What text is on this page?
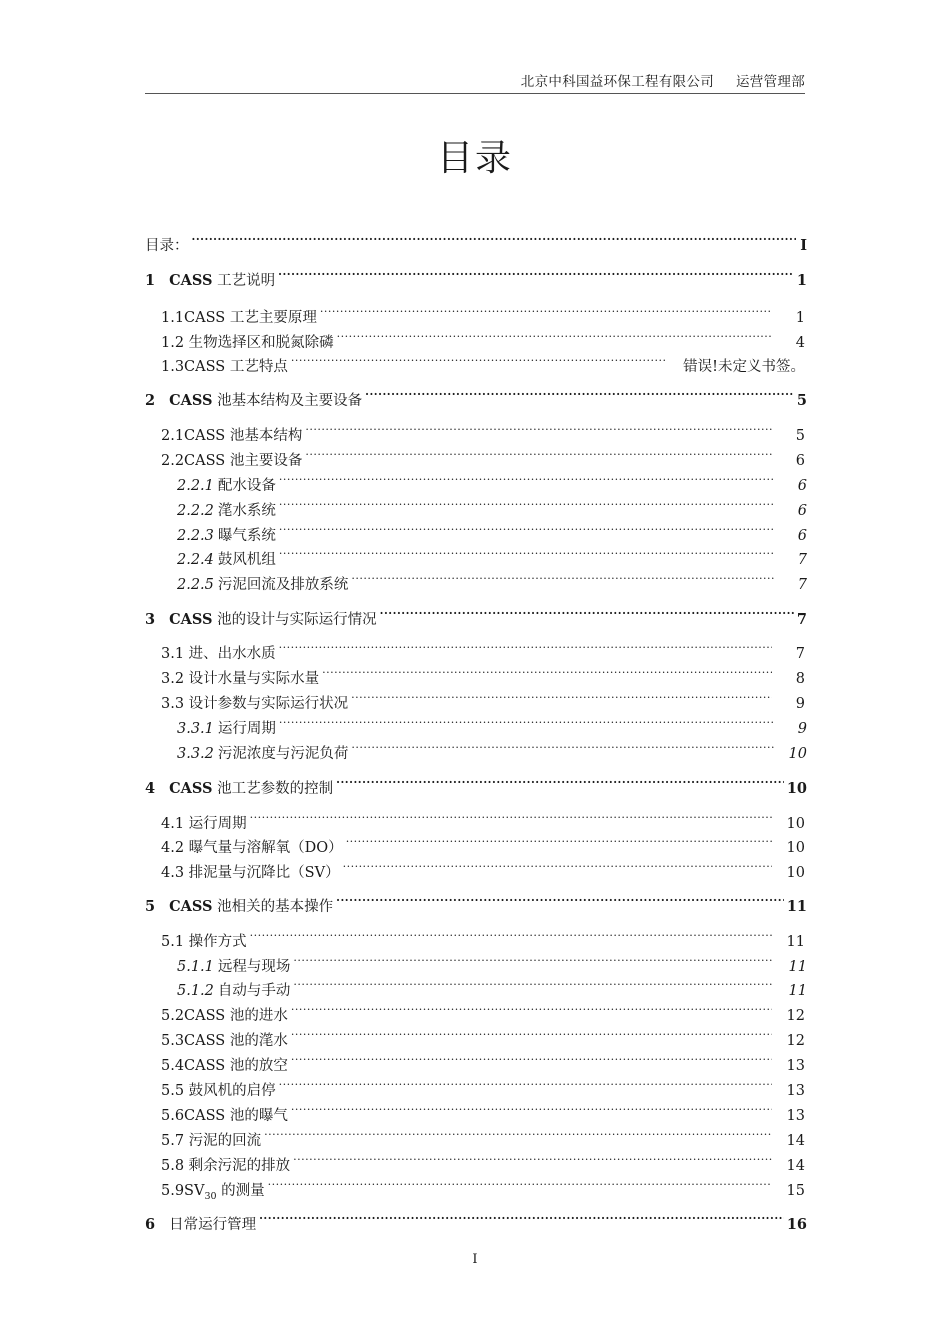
北京中科国益环保工程有限公司 运营管理部
目录
目录： .....	I
1 CASS 工艺说明 .....	1
1.1CASS 工艺主要原理 .....	1
1.2 生物选择区和脱氮除磷 .....	4
1.3CASS 工艺特点 .....	错误!未定义书签。
2 CASS 池基本结构及主要设备 .....	5
2.1CASS 池基本结构 .....	5
2.2CASS 池主要设备 .....	6
2.2.1 配水设备 .....	6
2.2.2 滗水系统 .....	6
2.2.3 曝气系统 .....	6
2.2.4 鼓风机组 .....	7
2.2.5 污泥回流及排放系统 .....	7
3 CASS 池的设计与实际运行情况 .....	7
3.1 进、出水水质 .....	7
3.2 设计水量与实际水量 .....	8
3.3 设计参数与实际运行状况 .....	9
3.3.1 运行周期 .....	9
3.3.2 污泥浓度与污泥负荷 .....	10
4 CASS 池工艺参数的控制 .....	10
4.1 运行周期 .....	10
4.2 曝气量与溶解氧（DO） .....	10
4.3 排泥量与沉降比（SV） .....	10
5 CASS 池相关的基本操作 .....	11
5.1 操作方式 .....	11
5.1.1 远程与现场 .....	11
5.1.2 自动与手动 .....	11
5.2CASS 池的进水 .....	12
5.3CASS 池的滗水 .....	12
5.4CASS 池的放空 .....	13
5.5 鼓风机的启停 .....	13
5.6CASS 池的曝气 .....	13
5.7 污泥的回流 .....	14
5.8 剩余污泥的排放 .....	14
$5.9SV_{30}$ 的测量 .....	15
6 日常运行管理 .....	16
I
